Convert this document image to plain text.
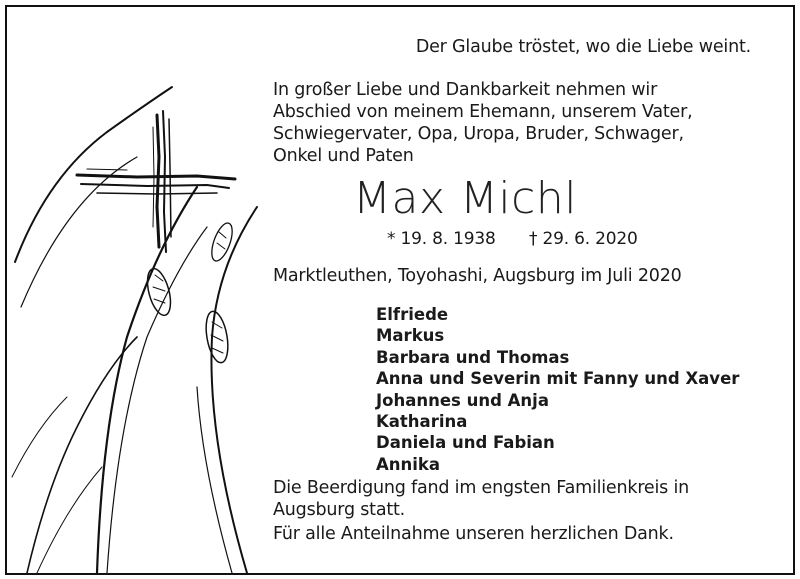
Der Glaube tröstet, wo die Liebe weint.
In großer Liebe und Dankbarkeit nehmen wir
Abschied von meinem Ehemann, unserem Vater,
Schwiegervater, Opa, Uropa, Bruder, Schwager,
Onkel und Paten
Max Michl
* 19. 8. 1938 † 29. 6. 2020
Marktleuthen, Toyohashi, Augsburg im Juli 2020
Elfriede
Markus
Barbara und Thomas
Anna und Severin mit Fanny und Xaver
Johannes und Anja
Katharina
Daniela und Fabian
Annika
Die Beerdigung fand im engsten Familienkreis in
Augsburg statt.
Für alle Anteilnahme unseren herzlichen Dank.
